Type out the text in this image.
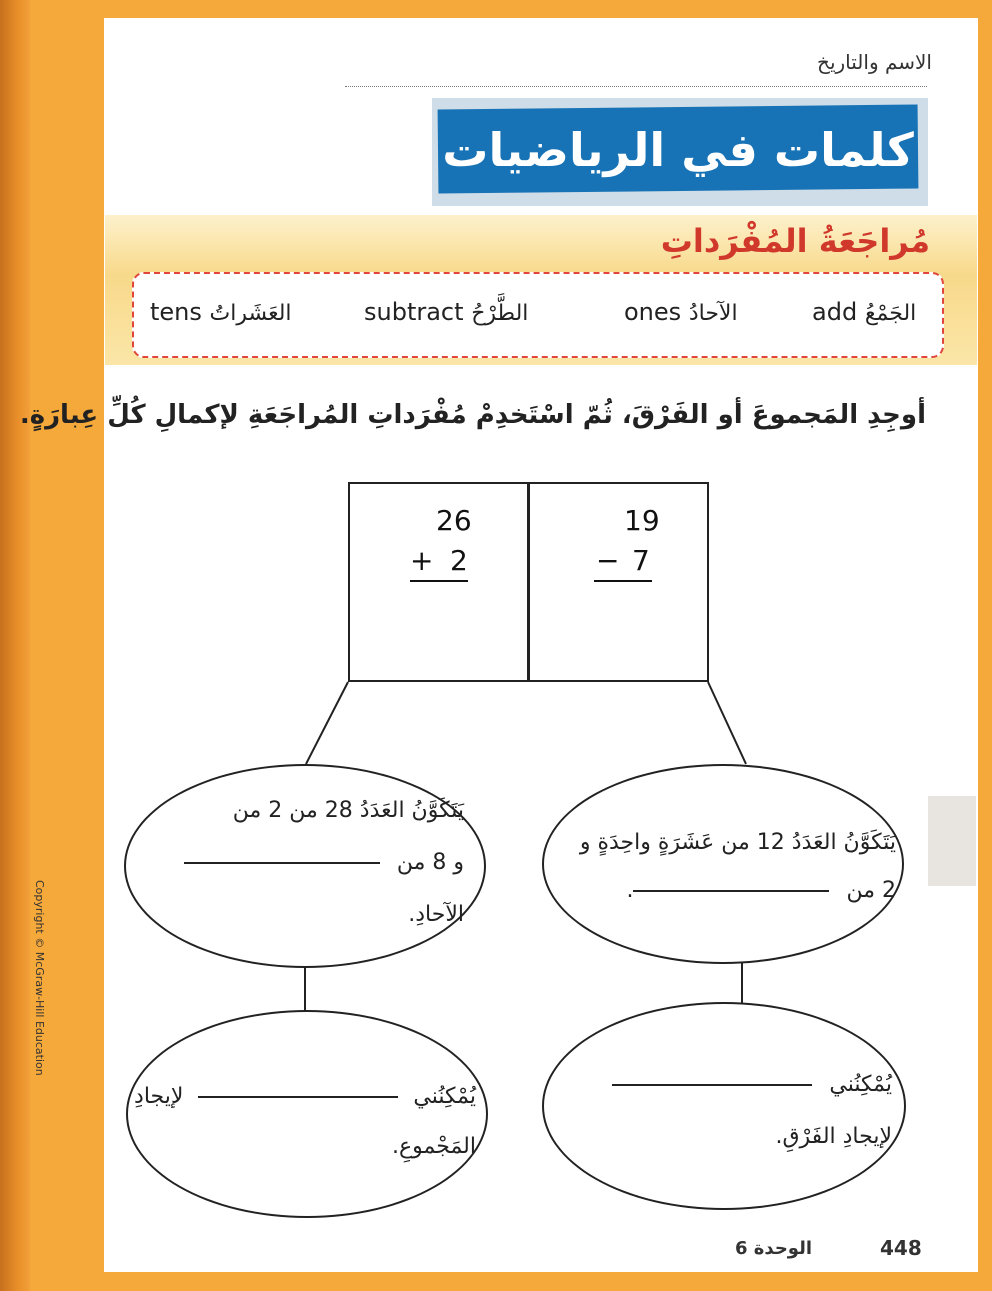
الاسم والتاريخ
كلمات في الرياضيات
مُراجَعَةُ المُفْرَداتِ
add الجَمْعُ
ones الآحادُ
subtract الطَّرْحُ
tens العَشَراتُ
أوجِدِ المَجموعَ أو الفَرْقَ، ثُمّ اسْتَخدِمْ مُفْرَداتِ المُراجَعَةِ لإكمالِ كُلِّ عِبارَةٍ.
26
+ 2
19
− 7
يَتَكَوَّنُ العَدَدُ 28 من 2 من
و 8 من
الآحادِ.
يَتَكَوَّنُ العَدَدُ 12 من عَشَرَةٍ واحِدَةٍ و
2 من .
يُمْكِنُني  لإيجادِ
المَجْموعِ.
يُمْكِنُني
لإيجادِ الفَرْقِ.
Copyright © McGraw-Hill Education
الوحدة 6	448
